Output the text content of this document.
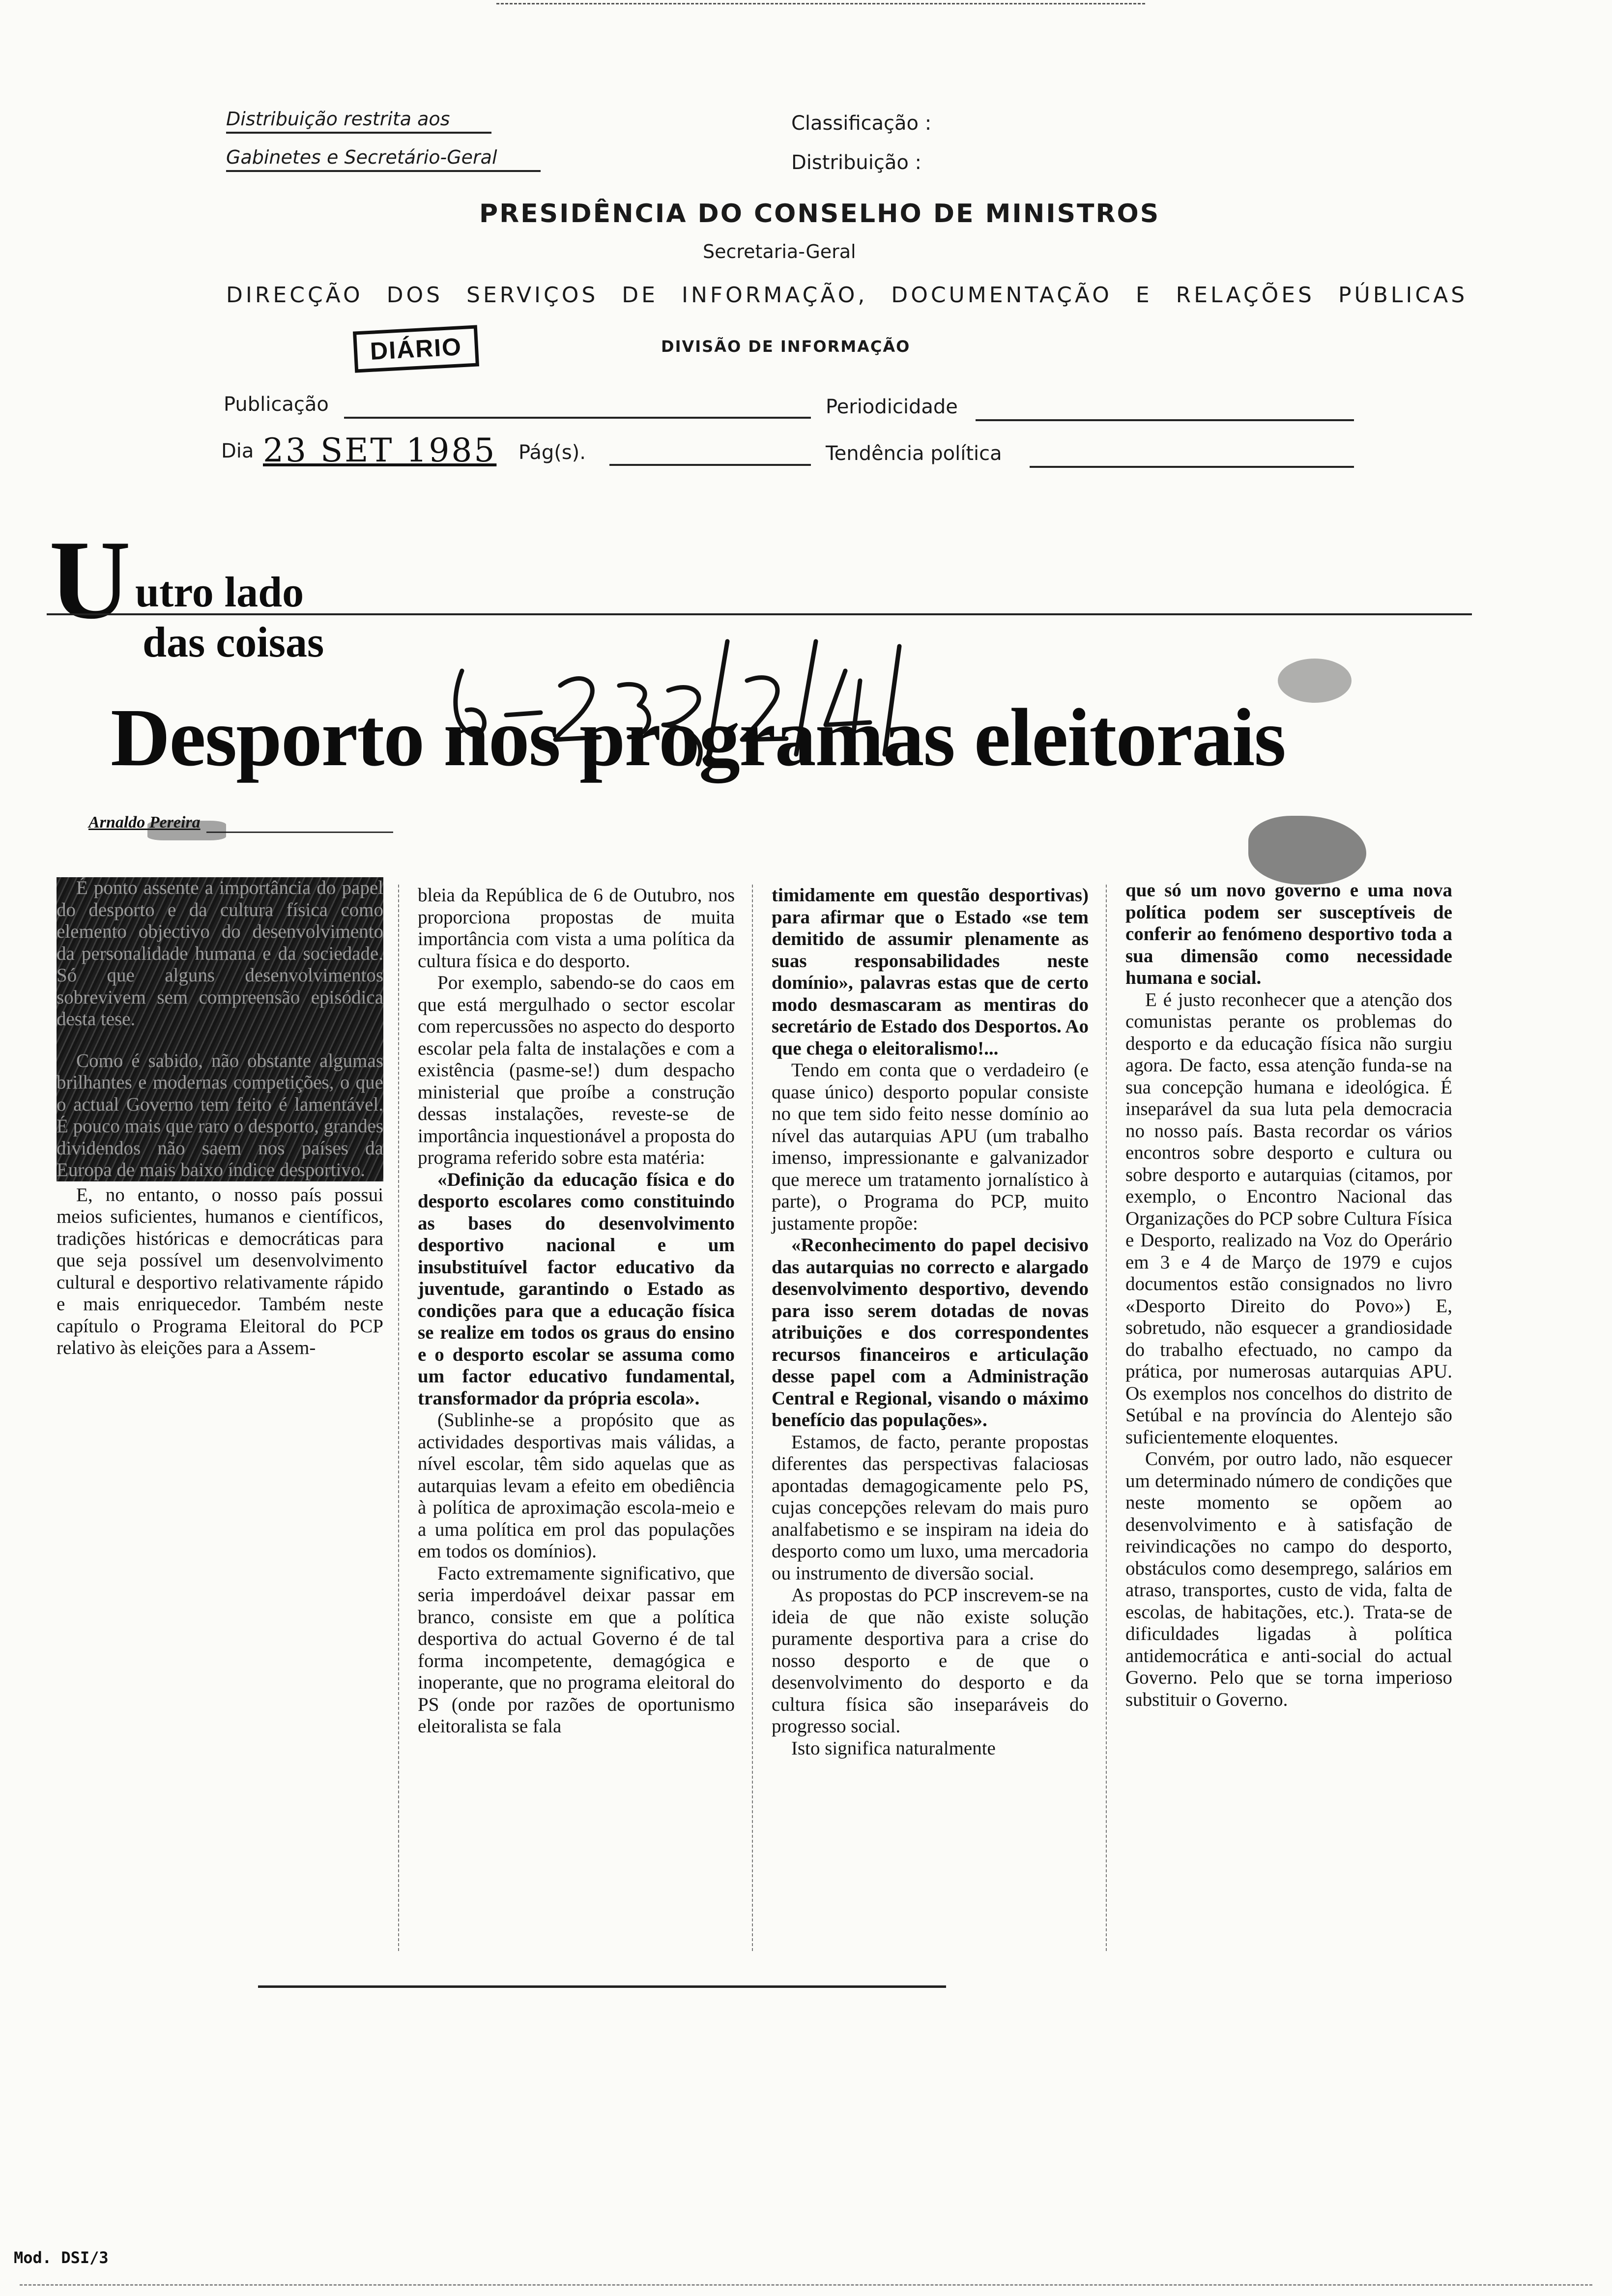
Distribuição restrita aos
Gabinetes e Secretário-Geral
Classificação :
Distribuição :
PRESIDÊNCIA DO CONSELHO DE MINISTROS
Secretaria-Geral
DIRECÇÃO DOS SERVIÇOS DE INFORMAÇÃO, DOCUMENTAÇÃO E RELAÇÕES PÚBLICAS
DIÁRIO	DIVISÃO DE INFORMAÇÃO
Publicação	Periodicidade
Dia 23 SET 1985 Pág(s).	Tendência política
U utro lado
das coisas
Desporto nos programas eleitorais
Arnaldo Pereira

É ponto assente a importância do papel do desporto e da cultura física como elemento objectivo do desenvolvimento da personalidade humana e da sociedade. Só que alguns desenvolvimentos sobrevivem sem compreensão episódica desta tese.

Como é sabido, não obstante algumas brilhantes e modernas competições, o que o actual Governo tem feito é lamentável. É pouco mais que raro o desporto, grandes dividendos não saem nos países da Europa de mais baixo índice desportivo.

E, no entanto, o nosso país possui meios suficientes, humanos e científicos, tradições históricas e democráticas para que seja possível um desenvolvimento cultural e desportivo relativamente rápido e mais enriquecedor. Também neste capítulo o Programa Eleitoral do PCP relativo às eleições para a Assem-

bleia da República de 6 de Outubro, nos proporciona propostas de muita importância com vista a uma política da cultura física e do desporto.

Por exemplo, sabendo-se do caos em que está mergulhado o sector escolar com repercussões no aspecto do desporto escolar pela falta de instalações e com a existência (pasme-se!) dum despacho ministerial que proíbe a construção dessas instalações, reveste-se de importância inquestionável a proposta do programa referido sobre esta matéria:

«Definição da educação física e do desporto escolares como constituindo as bases do desenvolvimento desportivo nacional e um insubstituível factor educativo da juventude, garantindo o Estado as condições para que a educação física se realize em todos os graus do ensino e o desporto escolar se assuma como um factor educativo fundamental, transformador da própria escola».

(Sublinhe-se a propósito que as actividades desportivas mais válidas, a nível escolar, têm sido aquelas que as autarquias levam a efeito em obediência à política de aproximação escola-meio e a uma política em prol das populações em todos os domínios).

Facto extremamente significativo, que seria imperdoável deixar passar em branco, consiste em que a política desportiva do actual Governo é de tal forma incompetente, demagógica e inoperante, que no programa eleitoral do PS (onde por razões de oportunismo eleitoralista se fala

timidamente em questão desportivas) para afirmar que o Estado «se tem demitido de assumir plenamente as suas responsabilidades neste domínio», palavras estas que de certo modo desmascaram as mentiras do secretário de Estado dos Desportos. Ao que chega o eleitoralismo!...

Tendo em conta que o verdadeiro (e quase único) desporto popular consiste no que tem sido feito nesse domínio ao nível das autarquias APU (um trabalho imenso, impressionante e galvanizador que merece um tratamento jornalístico à parte), o Programa do PCP, muito justamente propõe:

«Reconhecimento do papel decisivo das autarquias no correcto e alargado desenvolvimento desportivo, devendo para isso serem dotadas de novas atribuições e dos correspondentes recursos financeiros e articulação desse papel com a Administração Central e Regional, visando o máximo benefício das populações».

Estamos, de facto, perante propostas diferentes das perspectivas falaciosas apontadas demagogicamente pelo PS, cujas concepções relevam do mais puro analfabetismo e se inspiram na ideia do desporto como um luxo, uma mercadoria ou instrumento de diversão social.

As propostas do PCP inscrevem-se na ideia de que não existe solução puramente desportiva para a crise do nosso desporto e de que o desenvolvimento do desporto e da cultura física são inseparáveis do progresso social.

Isto significa naturalmente

que só um novo governo e uma nova política podem ser susceptíveis de conferir ao fenómeno desportivo toda a sua dimensão como necessidade humana e social.

E é justo reconhecer que a atenção dos comunistas perante os problemas do desporto e da educação física não surgiu agora. De facto, essa atenção funda-se na sua concepção humana e ideológica. É inseparável da sua luta pela democracia no nosso país. Basta recordar os vários encontros sobre desporto e cultura ou sobre desporto e autarquias (citamos, por exemplo, o Encontro Nacional das Organizações do PCP sobre Cultura Física e Desporto, realizado na Voz do Operário em 3 e 4 de Março de 1979 e cujos documentos estão consignados no livro «Desporto Direito do Povo») E, sobretudo, não esquecer a grandiosidade do trabalho efectuado, no campo da prática, por numerosas autarquias APU. Os exemplos nos concelhos do distrito de Setúbal e na província do Alentejo são suficientemente eloquentes.

Convém, por outro lado, não esquecer um determinado número de condições que neste momento se opõem ao desenvolvimento e à satisfação de reivindicações no campo do desporto, obstáculos como desemprego, salários em atraso, transportes, custo de vida, falta de escolas, de habitações, etc.). Trata-se de dificuldades ligadas à política antidemocrática e anti-social do actual Governo. Pelo que se torna imperioso substituir o Governo.

Mod. DSI/3
